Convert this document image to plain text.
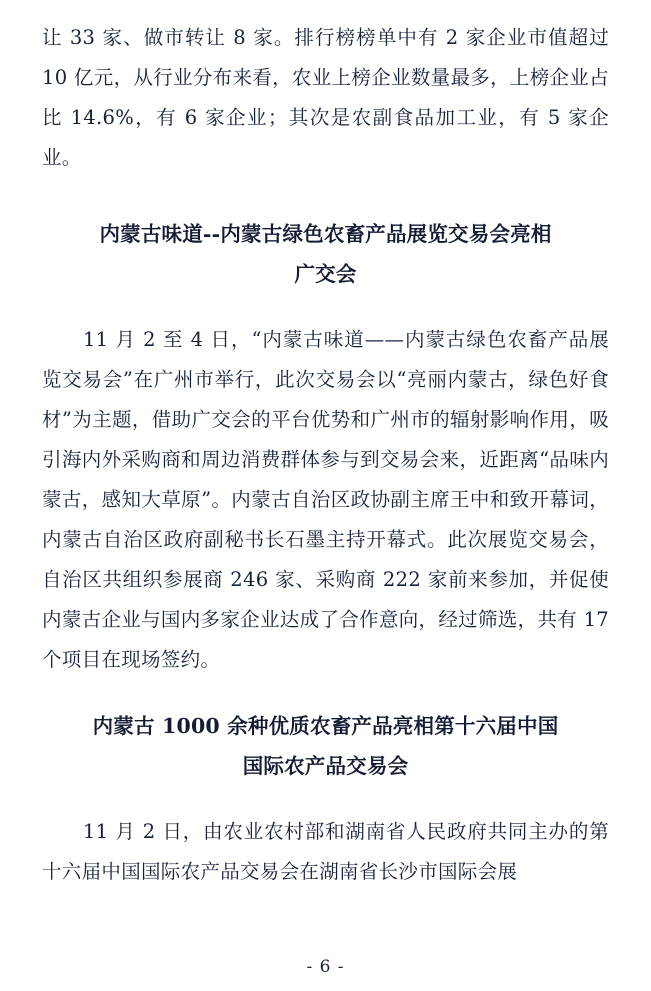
让 33 家、做市转让 8 家。排行榜榜单中有 2 家企业市值超过 10 亿元，从行业分布来看，农业上榜企业数量最多，上榜企业占比 14.6%，有 6 家企业；其次是农副食品加工业，有 5 家企业。

内蒙古味道--内蒙古绿色农畜产品展览交易会亮相
广交会

11 月 2 至 4 日，“内蒙古味道——内蒙古绿色农畜产品展览交易会”在广州市举行，此次交易会以“亮丽内蒙古，绿色好食材”为主题，借助广交会的平台优势和广州市的辐射影响作用，吸引海内外采购商和周边消费群体参与到交易会来，近距离“品味内蒙古，感知大草原”。内蒙古自治区政协副主席王中和致开幕词，内蒙古自治区政府副秘书长石墨主持开幕式。此次展览交易会，自治区共组织参展商 246 家、采购商 222 家前来参加，并促使内蒙古企业与国内多家企业达成了合作意向，经过筛选，共有 17 个项目在现场签约。

内蒙古 1000 余种优质农畜产品亮相第十六届中国
国际农产品交易会

11 月 2 日，由农业农村部和湖南省人民政府共同主办的第十六届中国国际农产品交易会在湖南省长沙市国际会展

- 6 -
